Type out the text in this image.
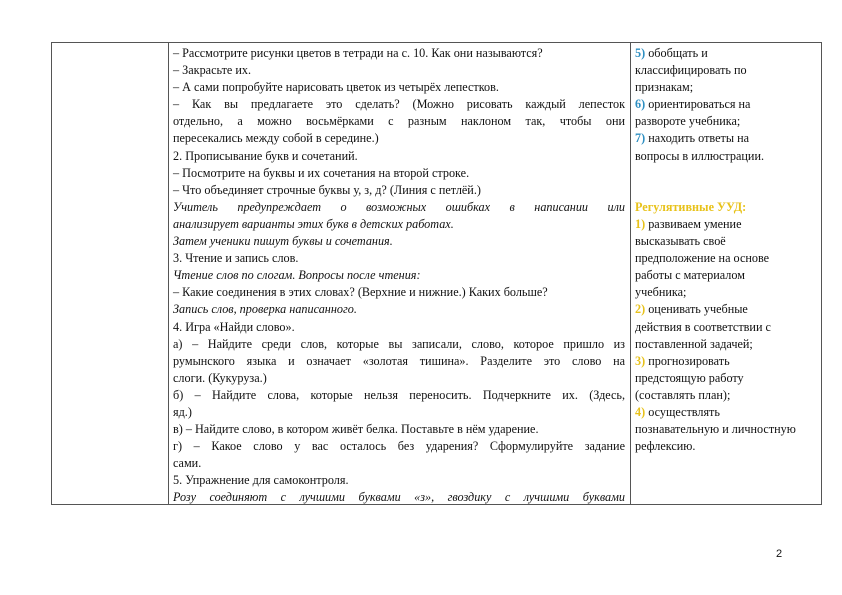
– Рассмотрите рисунки цветов в тетради на с. 10. Как они называются?
– Закрасьте их.
– А сами попробуйте нарисовать цветок из четырёх лепестков.
– Как вы предлагаете это сделать? (Можно рисовать каждый лепесток
отдельно, а можно восьмёрками с разным наклоном так, чтобы они
пересекались между собой в середине.)
2. Прописывание букв и сочетаний.
– Посмотрите на буквы и их сочетания на второй строке.
– Что объединяет строчные буквы у, з, д? (Линия с петлёй.)
Учитель предупреждает о возможных ошибках в написании или
анализирует варианты этих букв в детских работах.
Затем ученики пишут буквы и сочетания.
3. Чтение и запись слов.
Чтение слов по слогам. Вопросы после чтения:
– Какие соединения в этих словах? (Верхние и нижние.) Каких больше?
Запись слов, проверка написанного.
4. Игра «Найди слово».
а) – Найдите среди слов, которые вы записали, слово, которое пришло из
румынского языка и означает «золотая тишина». Разделите это слово на
слоги. (Кукуруза.)
б) – Найдите слова, которые нельзя переносить. Подчеркните их. (Здесь,
яд.)
в) – Найдите слово, в котором живёт белка. Поставьте в нём ударение.
г) – Какое слово у вас осталось без ударения? Сформулируйте задание
сами.
5. Упражнение для самоконтроля.
Розу соединяют с лучшими буквами «з», гвоздику с лучшими буквами
5) обобщать и
классифицировать по
признакам;
6) ориентироваться на
развороте учебника;
7) находить ответы на
вопросы в иллюстрации.
Регулятивные УУД:
1) развиваем умение
высказывать своё
предположение на основе
работы с материалом
учебника;
2) оценивать учебные
действия в соответствии с
поставленной задачей;
3) прогнозировать
предстоящую работу
(составлять план);
4) осуществлять
познавательную и личностную
рефлексию.
2
